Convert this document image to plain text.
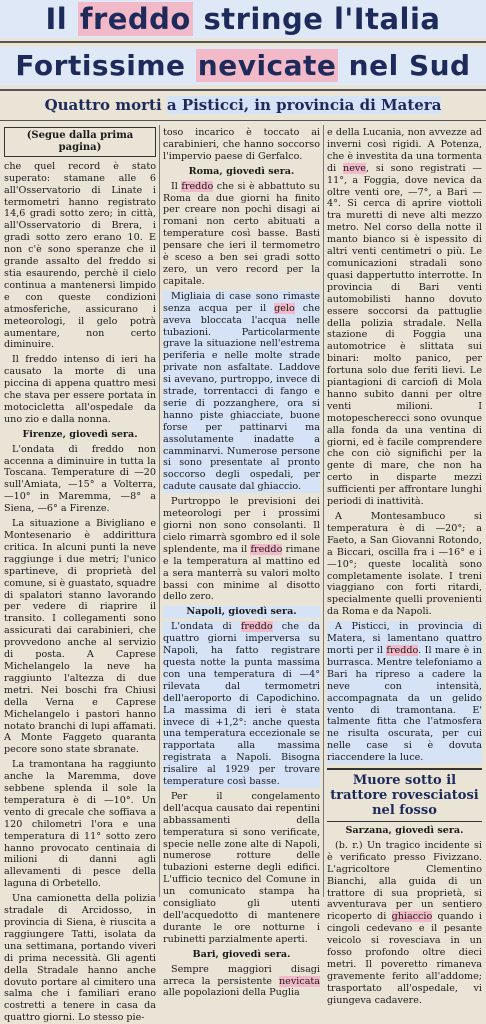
Il freddo stringe l'Italia
Fortissime nevicate nel Sud
Quattro morti a Pisticci, in provincia di Matera
(Segue dalla prima pagina)

che quel record è stato superato: stamane alle 6 all'Osservatorio di Linate i termometri hanno registrato 14,6 gradi sotto zero; in città, all'Osservatorio di Brera, i gradi sotto zero erano 10. E non c'è sono speranze che il grande assalto del freddo si stia esaurendo, perchè il cielo continua a mantenersi limpido e con queste condizioni atmosferiche, assicurano i meteorologi, il gelo potrà aumentare, non certo diminuire.

Il freddo intenso di ieri ha causato la morte di una piccina di appena quattro mesi che stava per essere portata in motocicletta all'ospedale da uno zio e dalla nonna.

Firenze, giovedì sera.

L'ondata di freddo non accenna a diminuire in tutta la Toscana. Temperature di —20 sull'Amiata, —15° a Volterra, —10° in Maremma, —8° a Siena, —6° a Firenze.

La situazione a Bivigliano e Montesenario è addirittura critica. In alcuni punti la neve raggiunge i due metri; l'unico spartineve, di proprietà del comune, si è guastato, squadre di spalatori stanno lavorando per vedere di riaprire il transito. I collegamenti sono assicurati dai carabinieri, che provvedono anche al servizio di posta. A Caprese Michelangelo la neve ha raggiunto l'altezza di due metri. Nei boschi fra Chiusi della Verna e Caprese Michelangelo i pastori hanno notato branchi di lupi affamati. A Monte Faggeto quaranta pecore sono state sbranate.

La tramontana ha raggiunto anche la Maremma, dove sebbene splenda il sole la temperatura è di —10°. Un vento di grecale che soffiava a 120 chilometri l'ora e una temperatura di 11° sotto zero hanno provocato centinaia di milioni di danni agli allevamenti di pesce della laguna di Orbetello.

Una camionetta della polizia stradale di Arcidosso, in provincia di Siena, è riuscita a raggiungere Tatti, isolata da una settimana, portando viveri di prima necessità. Gli agenti della Stradale hanno anche dovuto portare al cimitero una salma che i familiari erano costretti a tenere in casa da quattro giorni. Lo stesso pie-

toso incarico è toccato ai carabinieri, che hanno soccorso l'impervio paese di Gerfalco.

Roma, giovedì sera.

Il freddo che si è abbattuto su Roma da due giorni ha finito per creare non pochi disagi ai romani non certo abituati a temperature così basse. Basti pensare che ieri il termometro è sceso a ben sei gradi sotto zero, un vero record per la capitale.

Migliaia di case sono rimaste senza acqua per il gelo che aveva bloccata l'acqua nelle tubazioni. Particolarmente grave la situazione nell'estrema periferia e nelle molte strade private non asfaltate. Laddove si avevano, purtroppo, invece di strade, torrentacci di fango e serie di pozzanghere, ora si hanno piste ghiacciate, buone forse per pattinarvi ma assolutamente inadatte a camminarvi. Numerose persone si sono presentate al pronto soccorso degli ospedali, per cadute causate dal ghiaccio.

Purtroppo le previsioni dei meteorologi per i prossimi giorni non sono consolanti. Il cielo rimarrà sgombro ed il sole splendente, ma il freddo rimane e la temperatura al mattino ed a sera manterrà su valori molto bassi con minime al disotto dello zero.

Napoli, giovedì sera.

L'ondata di freddo che da quattro giorni imperversa su Napoli, ha fatto registrare questa notte la punta massima con una temperatura di —4° rilevata dal termometri dell'aeroporto di Capodichino. La massima di ieri è stata invece di +1,2°: anche questa una temperatura eccezionale se rapportata alla massima registrata a Napoli. Bisogna risalire al 1929 per trovare temperature così basse.

Per il congelamento dell'acqua causato dai repentini abbassamenti della temperatura si sono verificate, specie nelle zone alte di Napoli, numerose rotture delle tubazioni esterne degli edifici. L'ufficio tecnico del Comune in un comunicato stampa ha consigliato gli utenti dell'acquedotto di mantenere durante le ore notturne i rubinetti parzialmente aperti.

Bari, giovedì sera.

Sempre maggiori disagi arreca la persistente nevicata alle popolazioni della Puglia

e della Lucania, non avvezze ad inverni così rigidi. A Potenza, che è investita da una tormenta di neve, si sono registrati —11°, a Foggia, dove nevica da oltre venti ore, —7°, a Bari —4°. Si cerca di aprire viottoli tra muretti di neve alti mezzo metro. Nel corso della notte il manto bianco si è ispessito di altri venti centimetri o più. Le comunicazioni stradali sono quasi dappertutto interrotte. In provincia di Bari venti automobilisti hanno dovuto essere soccorsi da pattuglie della polizia stradale. Nella stazione di Foggia una automotrice è slittata sui binari: molto panico, per fortuna solo due feriti lievi. Le piantagioni di carciofi di Mola hanno subito danni per oltre venti milioni. I motopescherecci sono ovunque alla fonda da una ventina di giorni, ed è facile comprendere che con ciò significhi per la gente di mare, che non ha certo in disparte mezzi sufficienti per affrontare lunghi periodi di inattività.

A Montesambuco si temperatura è di —20°; a Faeto, a San Giovanni Rotondo, a Biccari, oscilla fra i —16° e i —10°; queste località sono completamente isolate. I treni viaggiano con forti ritardi, specialmente quelli provenienti da Roma e da Napoli.

A Pisticci, in provincia di Matera, si lamentano quattro morti per il freddo. Il mare è in burrasca. Mentre telefoniamo a Bari ha ripreso a cadere la neve con intensità, accompagnata da un gelido vento di tramontana. E' talmente fitta che l'atmosfera ne risulta oscurata, per cui nelle case si è dovuta riaccendere la luce.

Muore sotto il trattore rovesciatosi nel fosso

Sarzana, giovedì sera.

(b. r.) Un tragico incidente si è verificato presso Fivizzano. L'agricoltore Clementino Bianchi, alla guida di un trattore di sua proprietà, si avventurava per un sentiero ricoperto di ghiaccio quando i cingoli cedevano e il pesante veicolo si rovesciava in un fosso profondo oltre dieci metri. Il poveretto rimaneva gravemente ferito all'addome; trasportato all'ospedale, vi giungeva cadavere.
